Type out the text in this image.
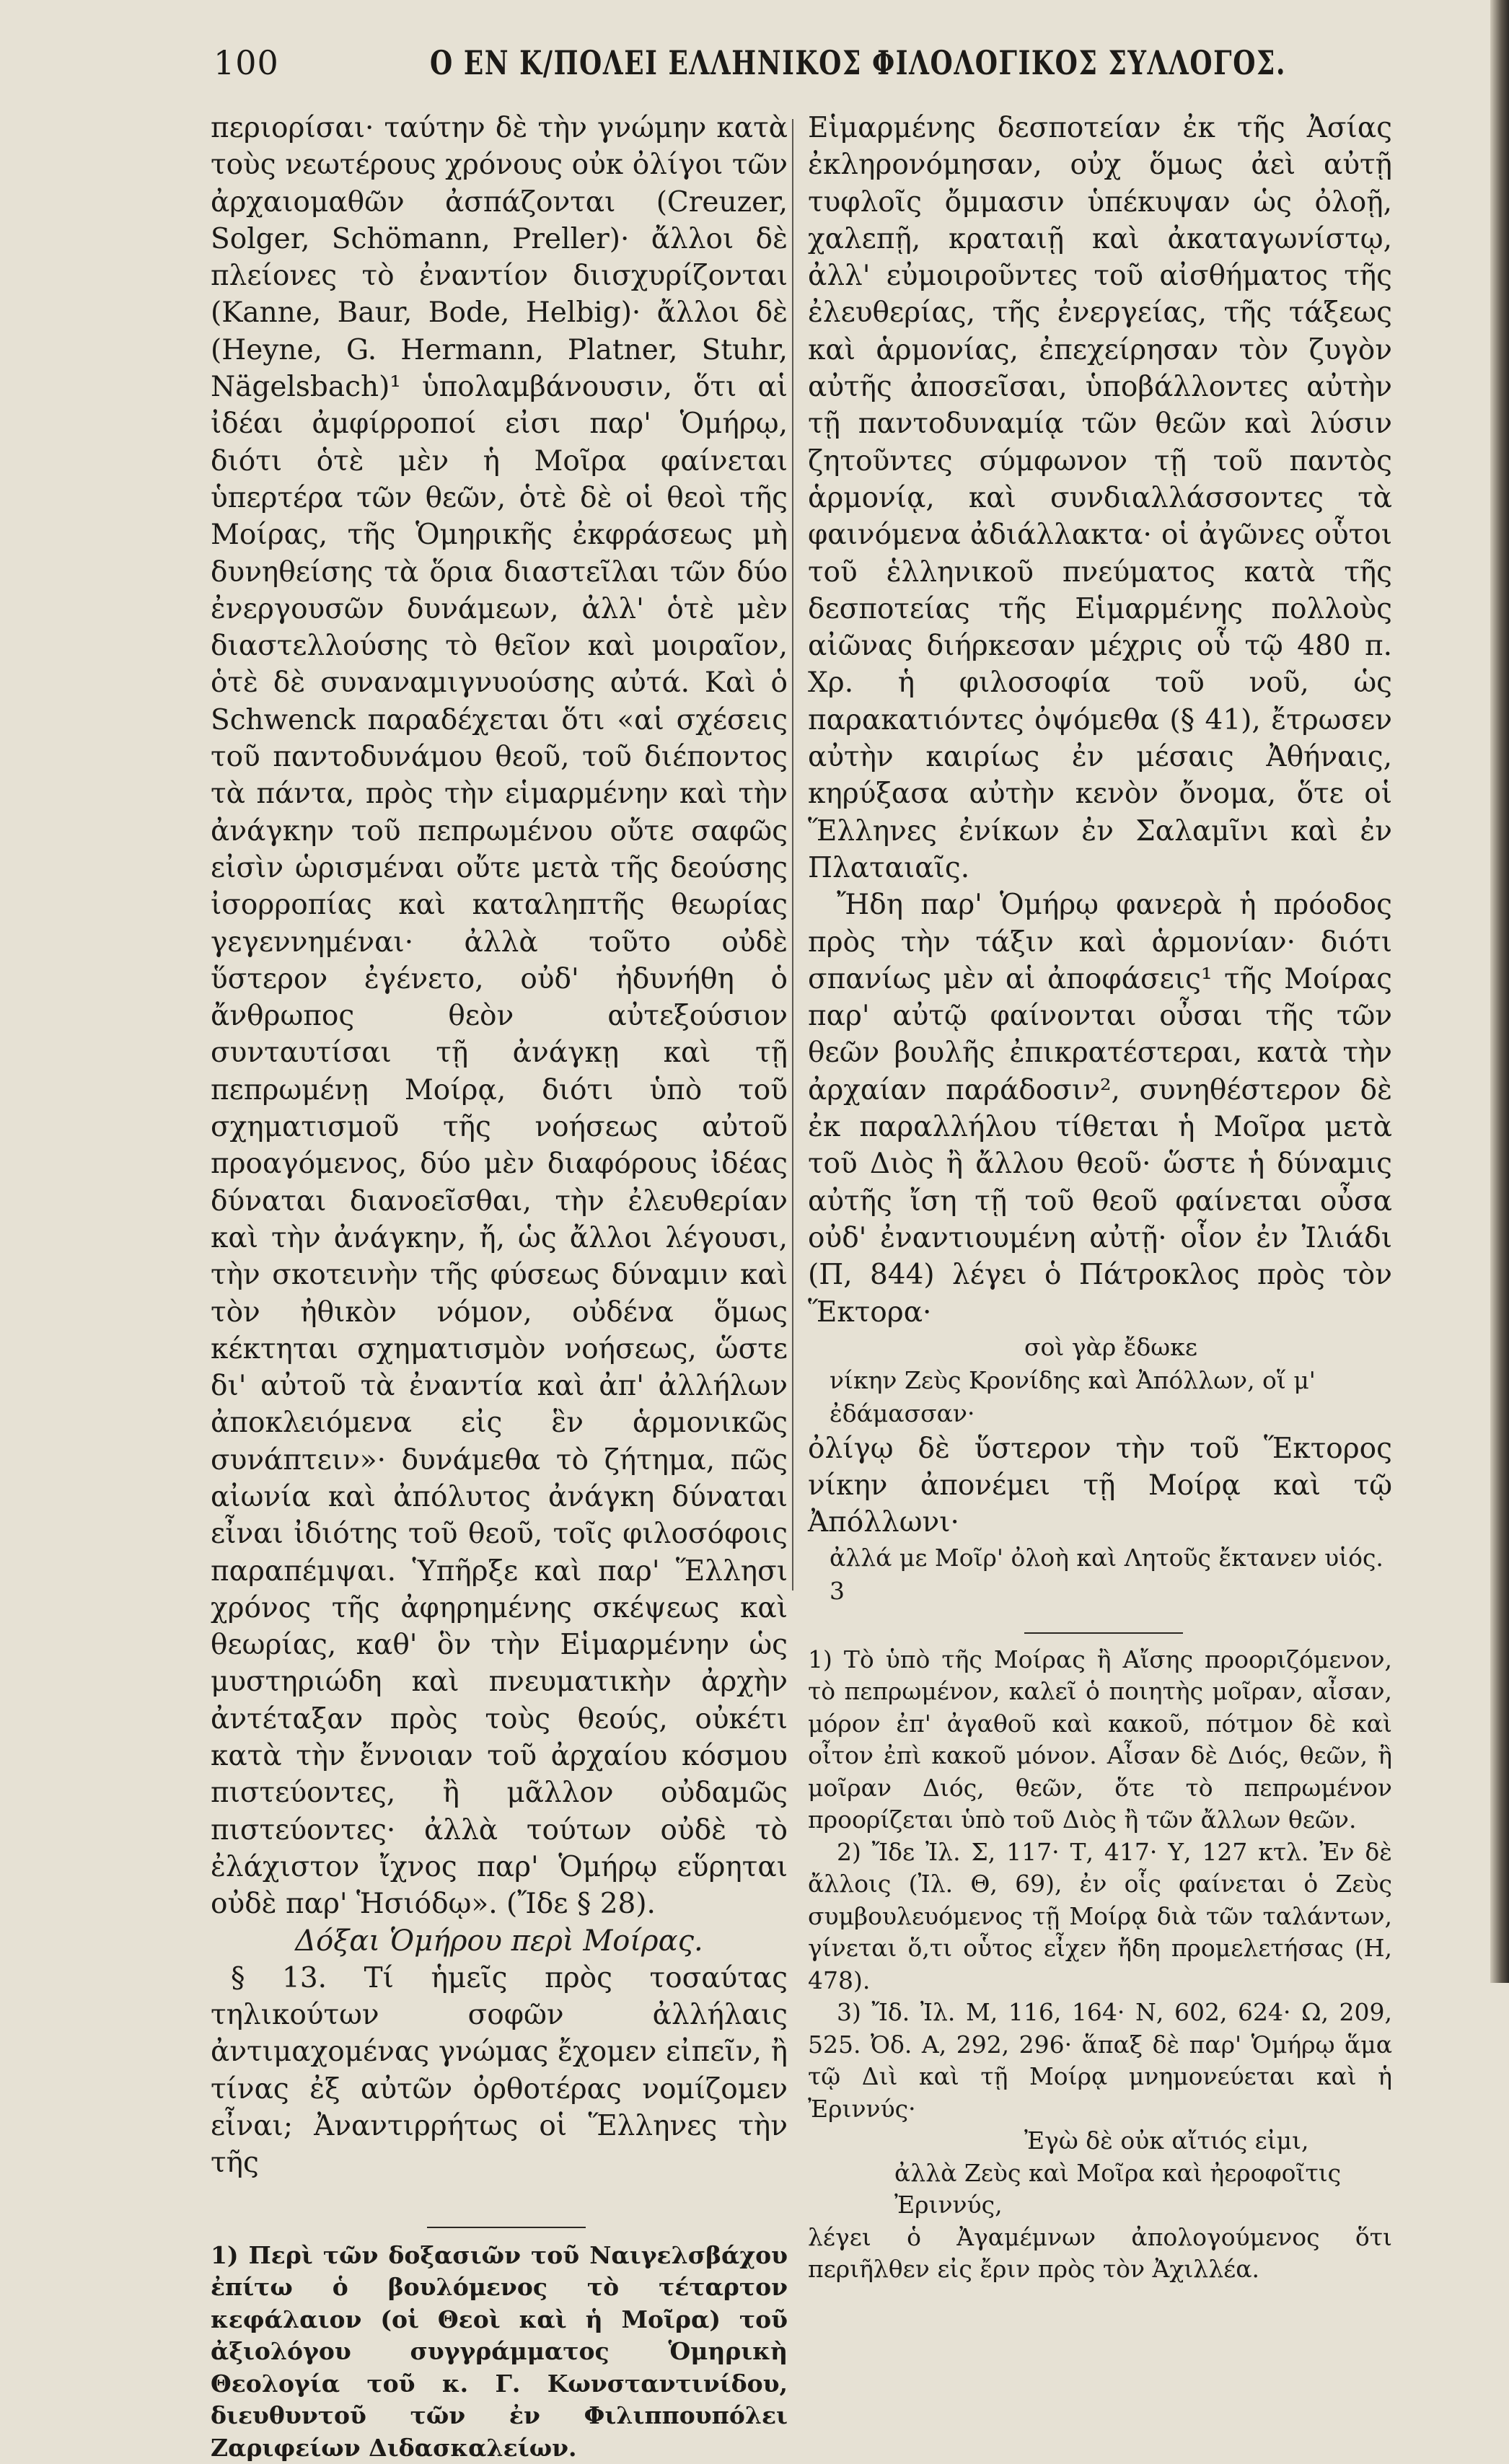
100	Ο ΕΝ Κ/ΠΟΛΕΙ ΕΛΛΗΝΙΚΟΣ ΦΙΛΟΛΟΓΙΚΟΣ ΣΥΛΛΟΓΟΣ.

περιορίσαι· ταύτην δὲ τὴν γνώμην κατὰ τοὺς νεωτέρους χρόνους οὐκ ὀλίγοι τῶν ἀρχαιομαθῶν ἀσπάζονται (Creuzer, Solger, Schömann, Preller)· ἄλλοι δὲ πλείονες τὸ ἐναντίον διισχυρίζονται (Kanne, Baur, Bode, Helbig)· ἄλλοι δὲ (Heyne, G. Hermann, Platner, Stuhr, Nägelsbach)¹ ὑπολαμβάνουσιν, ὅτι αἱ ἰδέαι ἀμφίρροποί εἰσι παρ' Ὁμήρῳ, διότι ὁτὲ μὲν ἡ Μοῖρα φαίνεται ὑπερτέρα τῶν θεῶν, ὁτὲ δὲ οἱ θεοὶ τῆς Μοίρας, τῆς Ὁμηρικῆς ἐκφράσεως μὴ δυνηθείσης τὰ ὅρια διαστεῖλαι τῶν δύο ἐνεργουσῶν δυνάμεων, ἀλλ' ὁτὲ μὲν διαστελλούσης τὸ θεῖον καὶ μοιραῖον, ὁτὲ δὲ συναναμιγνυούσης αὐτά. Καὶ ὁ Schwenck παραδέχεται ὅτι «αἱ σχέσεις τοῦ παντοδυνάμου θεοῦ, τοῦ διέποντος τὰ πάντα, πρὸς τὴν εἱμαρμένην καὶ τὴν ἀνάγκην τοῦ πεπρωμένου οὔτε σαφῶς εἰσὶν ὡρισμέναι οὔτε μετὰ τῆς δεούσης ἰσορροπίας καὶ καταληπτῆς θεωρίας γεγεννημέναι· ἀλλὰ τοῦτο οὐδὲ ὕστερον ἐγένετο, οὐδ' ἠδυνήθη ὁ ἄνθρωπος θεὸν αὐτεξούσιον συνταυτίσαι τῇ ἀνάγκῃ καὶ τῇ πεπρωμένῃ Μοίρᾳ, διότι ὑπὸ τοῦ σχηματισμοῦ τῆς νοήσεως αὐτοῦ προαγόμενος, δύο μὲν διαφόρους ἰδέας δύναται διανοεῖσθαι, τὴν ἐλευθερίαν καὶ τὴν ἀνάγκην, ἤ, ὡς ἄλλοι λέγουσι, τὴν σκοτεινὴν τῆς φύσεως δύναμιν καὶ τὸν ἠθικὸν νόμον, οὐδένα ὅμως κέκτηται σχηματισμὸν νοήσεως, ὥστε δι' αὐτοῦ τὰ ἐναντία καὶ ἀπ' ἀλλήλων ἀποκλειόμενα εἰς ἓν ἁρμονικῶς συνάπτειν»· δυνάμεθα τὸ ζήτημα, πῶς αἰωνία καὶ ἀπόλυτος ἀνάγκη δύναται εἶναι ἰδιότης τοῦ θεοῦ, τοῖς φιλοσόφοις παραπέμψαι. Ὑπῆρξε καὶ παρ' Ἕλλησι χρόνος τῆς ἀφηρημένης σκέψεως καὶ θεωρίας, καθ' ὃν τὴν Εἱμαρμένην ὡς μυστηριώδη καὶ πνευματικὴν ἀρχὴν ἀντέταξαν πρὸς τοὺς θεούς, οὐκέτι κατὰ τὴν ἔννοιαν τοῦ ἀρχαίου κόσμου πιστεύοντες, ἢ μᾶλλον οὐδαμῶς πιστεύοντες· ἀλλὰ τούτων οὐδὲ τὸ ἐλάχιστον ἴχνος παρ' Ὁμήρῳ εὕρηται οὐδὲ παρ' Ἡσιόδῳ». (Ἴδε § 28).

Δόξαι Ὁμήρου περὶ Μοίρας.

§ 13. Τί ἡμεῖς πρὸς τοσαύτας τηλικούτων σοφῶν ἀλλήλαις ἀντιμαχομένας γνώμας ἔχομεν εἰπεῖν, ἢ τίνας ἐξ αὐτῶν ὀρθοτέρας νομίζομεν εἶναι; Ἀναντιρρήτως οἱ Ἕλληνες τὴν τῆς

1) Περὶ τῶν δοξασιῶν τοῦ Ναιγελσβάχου ἐπίτω ὁ βουλόμενος τὸ τέταρτον κεφάλαιον (οἱ Θεοὶ καὶ ἡ Μοῖρα) τοῦ ἀξιολόγου συγγράμματος Ὁμηρικὴ Θεολογία τοῦ κ. Γ. Κωνσταντινίδου, διευθυντοῦ τῶν ἐν Φιλιππουπόλει Ζαριφείων Διδασκαλείων.

Εἱμαρμένης δεσποτείαν ἐκ τῆς Ἀσίας ἐκληρονόμησαν, οὐχ ὅμως ἀεὶ αὐτῇ τυφλοῖς ὄμμασιν ὑπέκυψαν ὡς ὀλοῇ, χαλεπῇ, κραταιῇ καὶ ἀκαταγωνίστῳ, ἀλλ' εὐμοιροῦντες τοῦ αἰσθήματος τῆς ἐλευθερίας, τῆς ἐνεργείας, τῆς τάξεως καὶ ἁρμονίας, ἐπεχείρησαν τὸν ζυγὸν αὐτῆς ἀποσεῖσαι, ὑποβάλλοντες αὐτὴν τῇ παντοδυναμίᾳ τῶν θεῶν καὶ λύσιν ζητοῦντες σύμφωνον τῇ τοῦ παντὸς ἁρμονίᾳ, καὶ συνδιαλλάσσοντες τὰ φαινόμενα ἀδιάλλακτα· οἱ ἀγῶνες οὗτοι τοῦ ἑλληνικοῦ πνεύματος κατὰ τῆς δεσποτείας τῆς Εἱμαρμένης πολλοὺς αἰῶνας διήρκεσαν μέχρις οὗ τῷ 480 π. Χρ. ἡ φιλοσοφία τοῦ νοῦ, ὡς παρακατιόντες ὀψόμεθα (§ 41), ἔτρωσεν αὐτὴν καιρίως ἐν μέσαις Ἀθήναις, κηρύξασα αὐτὴν κενὸν ὄνομα, ὅτε οἱ Ἕλληνες ἐνίκων ἐν Σαλαμῖνι καὶ ἐν Πλαταιαῖς.

Ἤδη παρ' Ὁμήρῳ φανερὰ ἡ πρόοδος πρὸς τὴν τάξιν καὶ ἁρμονίαν· διότι σπανίως μὲν αἱ ἀποφάσεις¹ τῆς Μοίρας παρ' αὐτῷ φαίνονται οὖσαι τῆς τῶν θεῶν βουλῆς ἐπικρατέστεραι, κατὰ τὴν ἀρχαίαν παράδοσιν², συνηθέστερον δὲ ἐκ παραλλήλου τίθεται ἡ Μοῖρα μετὰ τοῦ Διὸς ἢ ἄλλου θεοῦ· ὥστε ἡ δύναμις αὐτῆς ἴση τῇ τοῦ θεοῦ φαίνεται οὖσα οὐδ' ἐναντιουμένη αὐτῇ· οἷον ἐν Ἰλιάδι (Π, 844) λέγει ὁ Πάτροκλος πρὸς τὸν Ἕκτορα·

σοὶ γὰρ ἔδωκε

νίκην Ζεὺς Κρονίδης καὶ Ἀπόλλων, οἵ μ' ἐδάμασσαν·

ὀλίγῳ δὲ ὕστερον τὴν τοῦ Ἕκτορος νίκην ἀπονέμει τῇ Μοίρᾳ καὶ τῷ Ἀπόλλωνι·

ἀλλά με Μοῖρ' ὀλοὴ καὶ Λητοῦς ἔκτανεν υἱός. 3

1) Τὸ ὑπὸ τῆς Μοίρας ἢ Αἴσης προοριζόμενον, τὸ πεπρωμένον, καλεῖ ὁ ποιητὴς μοῖραν, αἶσαν, μόρον ἐπ' ἀγαθοῦ καὶ κακοῦ, πότμον δὲ καὶ οἶτον ἐπὶ κακοῦ μόνον. Αἶσαν δὲ Διός, θεῶν, ἢ μοῖραν Διός, θεῶν, ὅτε τὸ πεπρωμένον προορίζεται ὑπὸ τοῦ Διὸς ἢ τῶν ἄλλων θεῶν.

2) Ἴδε Ἰλ. Σ, 117· Τ, 417· Υ, 127 κτλ. Ἐν δὲ ἄλλοις (Ἰλ. Θ, 69), ἐν οἷς φαίνεται ὁ Ζεὺς συμβουλευόμενος τῇ Μοίρᾳ διὰ τῶν ταλάντων, γίνεται ὅ,τι οὗτος εἶχεν ἤδη προμελετήσας (Η, 478).

3) Ἴδ. Ἰλ. Μ, 116, 164· Ν, 602, 624· Ω, 209, 525. Ὀδ. Α, 292, 296· ἅπαξ δὲ παρ' Ὁμήρῳ ἅμα τῷ Διὶ καὶ τῇ Μοίρᾳ μνημονεύεται καὶ ἡ Ἐριννύς·

Ἐγὼ δὲ οὐκ αἴτιός εἰμι,

ἀλλὰ Ζεὺς καὶ Μοῖρα καὶ ἠεροφοῖτις Ἐριννύς,

λέγει ὁ Ἀγαμέμνων ἀπολογούμενος ὅτι περιῆλθεν εἰς ἔριν πρὸς τὸν Ἀχιλλέα.
